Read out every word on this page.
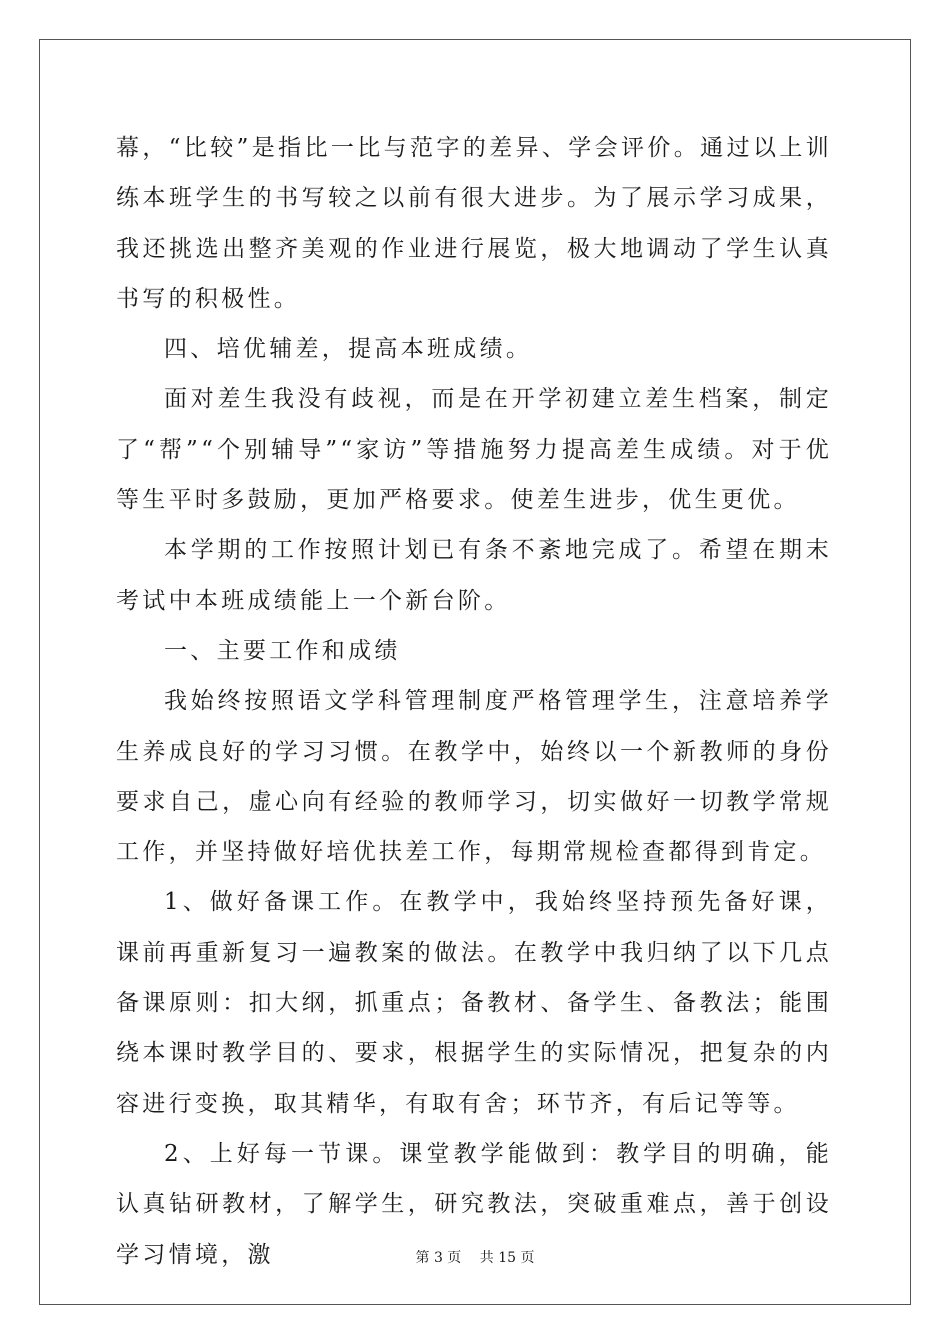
幕，“比较”是指比一比与范字的差异、学会评价。通过以上训练本班学生的书写较之以前有很大进步。为了展示学习成果，我还挑选出整齐美观的作业进行展览，极大地调动了学生认真书写的积极性。

四、培优辅差，提高本班成绩。

面对差生我没有歧视，而是在开学初建立差生档案，制定了“帮”“个别辅导”“家访”等措施努力提高差生成绩。对于优等生平时多鼓励，更加严格要求。使差生进步，优生更优。

本学期的工作按照计划已有条不紊地完成了。希望在期末考试中本班成绩能上一个新台阶。

一、主要工作和成绩

我始终按照语文学科管理制度严格管理学生，注意培养学生养成良好的学习习惯。在教学中，始终以一个新教师的身份要求自己，虚心向有经验的教师学习，切实做好一切教学常规工作，并坚持做好培优扶差工作，每期常规检查都得到肯定。

1、做好备课工作。在教学中，我始终坚持预先备好课，课前再重新复习一遍教案的做法。在教学中我归纳了以下几点备课原则：扣大纲，抓重点；备教材、备学生、备教法；能围绕本课时教学目的、要求，根据学生的实际情况，把复杂的内容进行变换，取其精华，有取有舍；环节齐，有后记等等。

2、上好每一节课。课堂教学能做到：教学目的明确，能认真钻研教材，了解学生，研究教法，突破重难点，善于创设学习情境，激	第 3 页　 共 15 页
